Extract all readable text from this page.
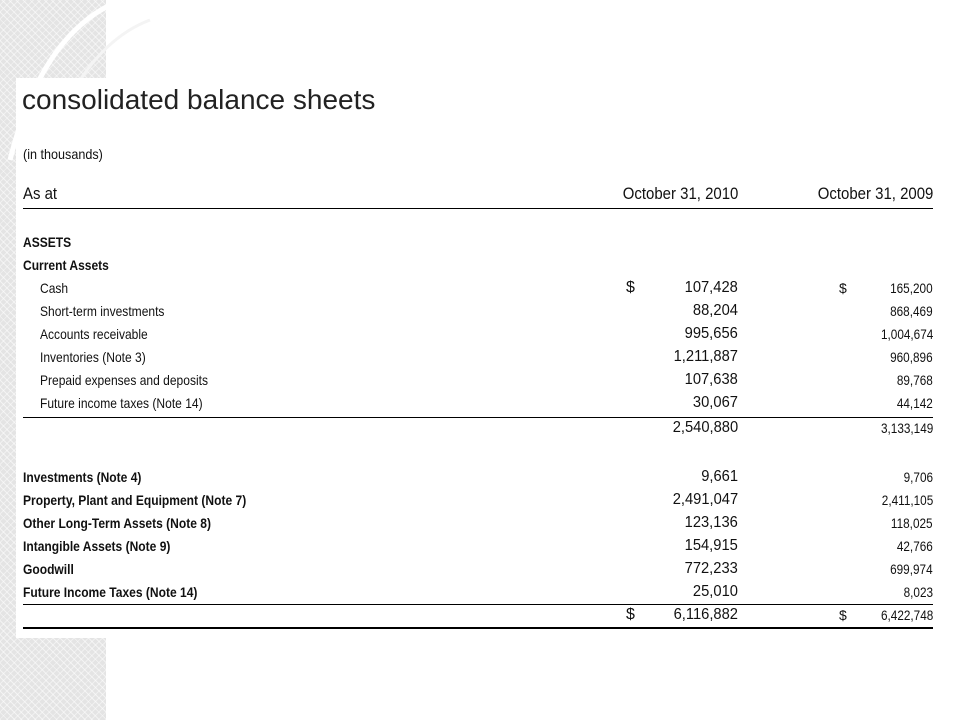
consolidated balance sheets
(in thousands)
As at	October 31, 2010	October 31, 2009
ASSETS
Current Assets
Cash	$	107,428	$	165,200
Short-term investments	88,204	868,469
Accounts receivable	995,656	1,004,674
Inventories (Note 3)	1,211,887	960,896
Prepaid expenses and deposits	107,638	89,768
Future income taxes (Note 14)	30,067	44,142
2,540,880	3,133,149
Investments (Note 4)	9,661	9,706
Property, Plant and Equipment (Note 7)	2,491,047	2,411,105
Other Long-Term Assets (Note 8)	123,136	118,025
Intangible Assets (Note 9)	154,915	42,766
Goodwill	772,233	699,974
Future Income Taxes (Note 14)	25,010	8,023
$ 6,116,882	$ 6,422,748
